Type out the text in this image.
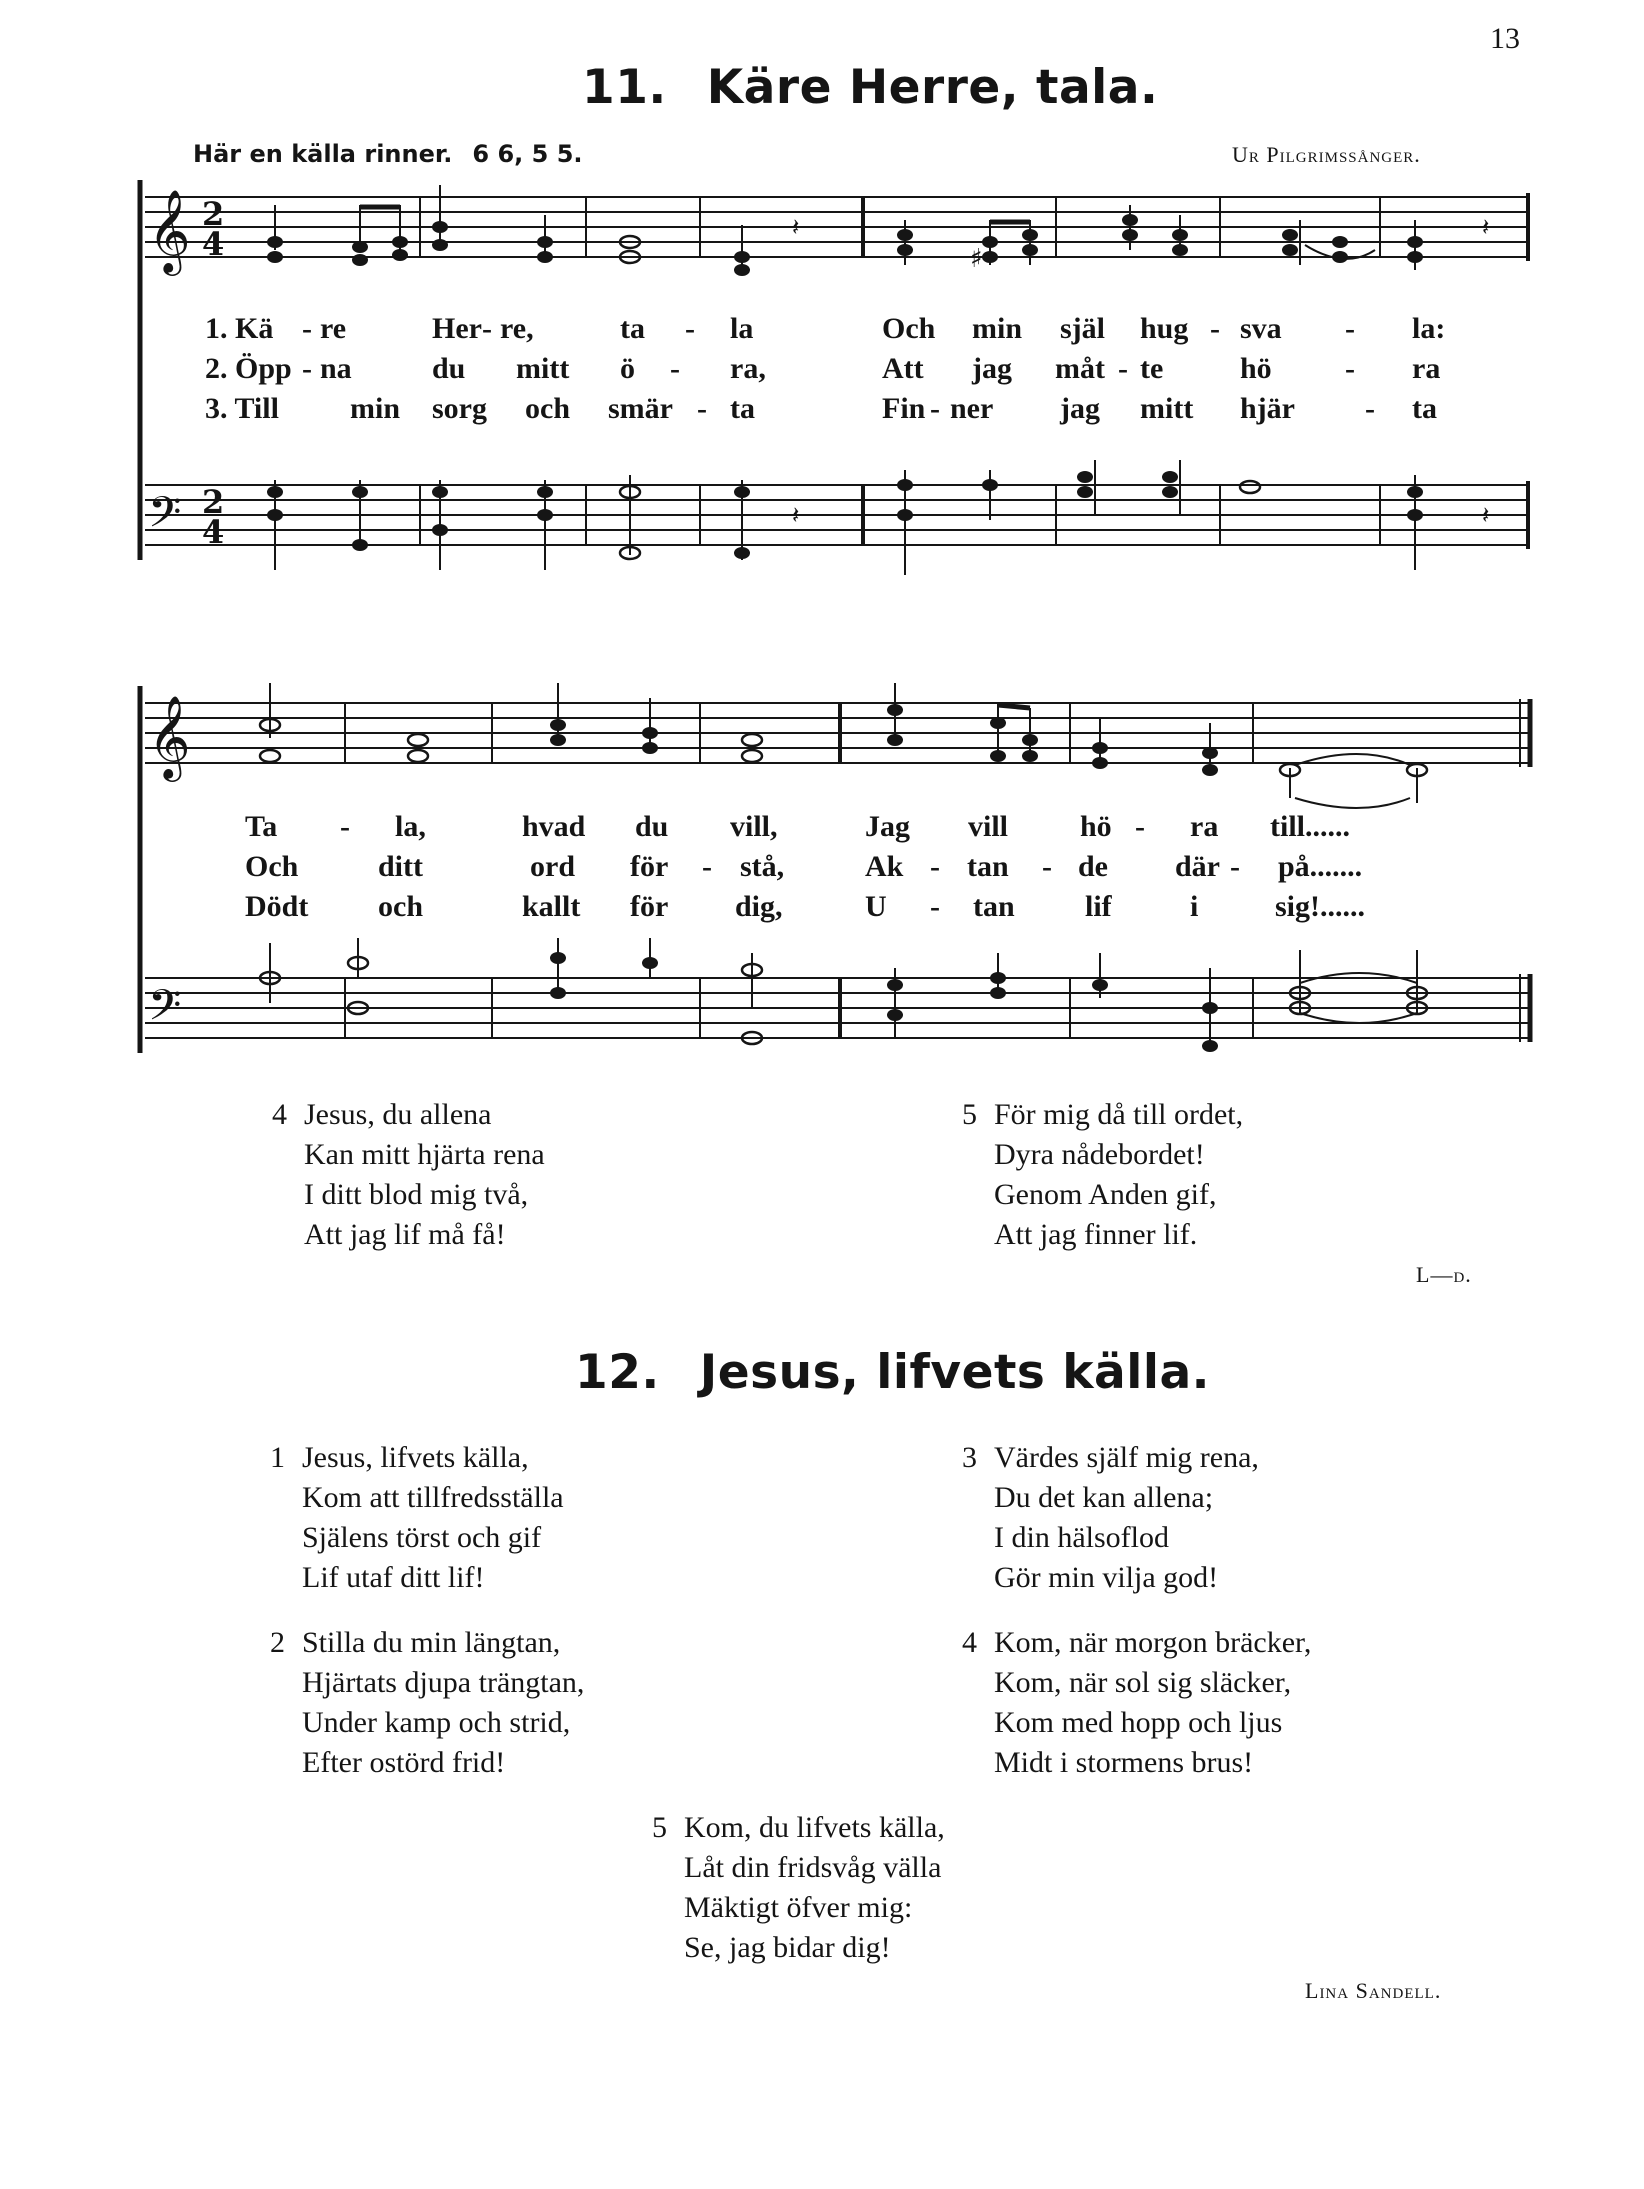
13
11. Käre Herre, tala.
Här en källa rinner. 6 6, 5 5.	Ur Pilgrimssånger.
𝄞
𝄢
2
4
2
4
𝄽	𝄽
𝄽	𝄽
♯
1. Kä - re	Her - re,	ta - la	Och min själ hug - sva - la:
2. Öpp - na	du mitt ö - ra,	Att jag måt - te	hö - ra
3. Till min sorg och smär - ta	Fin - ner jag mitt hjär - ta
𝄞
𝄢
Ta - la,	hvad du vill,	Jag vill hö - ra till......
Och	ditt	ord för - stå,	Ak - tan - de där - på.......
Dödt och	kallt för dig,	U - tan lif	i	sig!......
4 Jesus, du allena
Kan mitt hjärta rena
I ditt blod mig två,
Att jag lif må få!
5 För mig då till ordet,
Dyra nådebordet!
Genom Anden gif,
Att jag finner lif.
L—d.
12. Jesus, lifvets källa.
1 Jesus, lifvets källa,
Kom att tillfredsställa
Själens törst och gif
Lif utaf ditt lif!
3 Värdes själf mig rena,
Du det kan allena;
I din hälsoflod
Gör min vilja god!
2 Stilla du min längtan,
Hjärtats djupa trängtan,
Under kamp och strid,
Efter ostörd frid!
4 Kom, när morgon bräcker,
Kom, när sol sig släcker,
Kom med hopp och ljus
Midt i stormens brus!
5 Kom, du lifvets källa,
Låt din fridsvåg välla
Mäktigt öfver mig:
Se, jag bidar dig!
Lina Sandell.
